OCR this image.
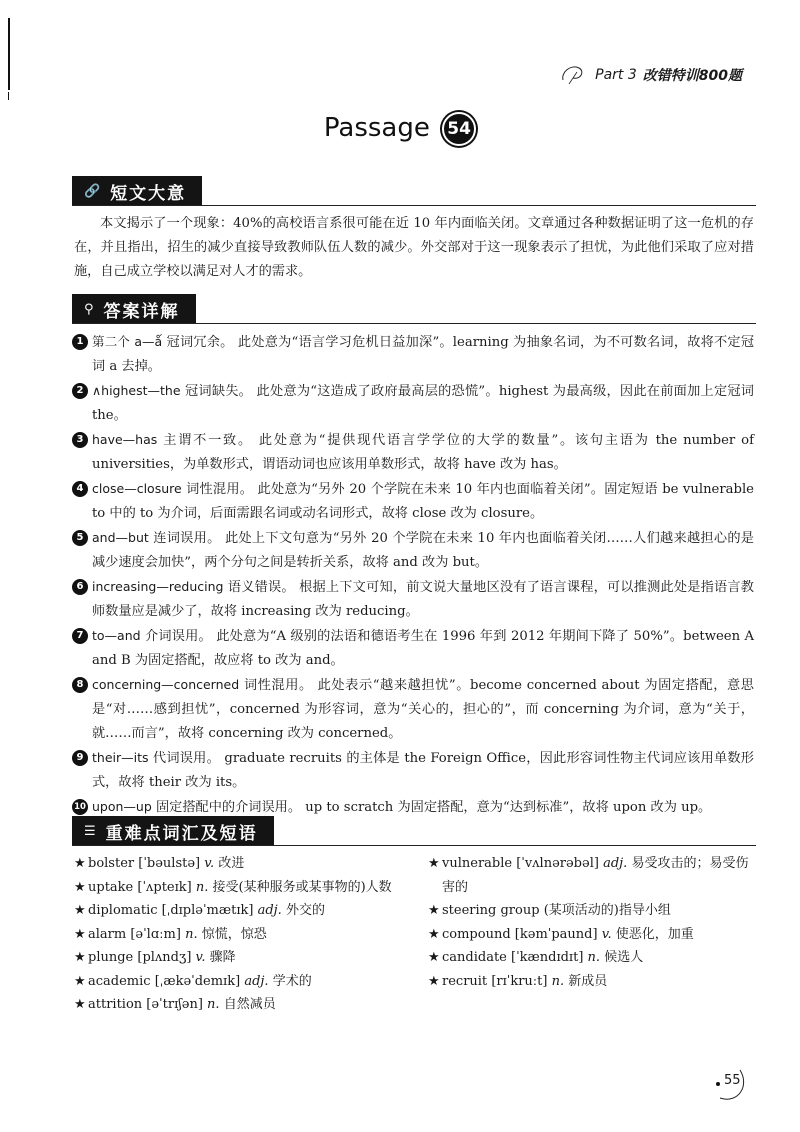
Part 3 改错特训800题
Passage 54
🔗 短文大意
本文揭示了一个现象：40%的高校语言系很可能在近 10 年内面临关闭。文章通过各种数据证明了这一危机的存在，并且指出，招生的减少直接导致教师队伍人数的减少。外交部对于这一现象表示了担忧，为此他们采取了应对措施，自己成立学校以满足对人才的需求。
⚲ 答案详解
1 第二个 a—ǻ 冠词冗余。 此处意为“语言学习危机日益加深”。learning 为抽象名词，为不可数名词，故将不定冠词 a 去掉。
2 ∧highest—the 冠词缺失。 此处意为“这造成了政府最高层的恐慌”。highest 为最高级，因此在前面加上定冠词 the。
3 have—has 主谓不一致。 此处意为“提供现代语言学学位的大学的数量”。该句主语为 the number of universities，为单数形式，谓语动词也应该用单数形式，故将 have 改为 has。
4 close—closure 词性混用。 此处意为“另外 20 个学院在未来 10 年内也面临着关闭”。固定短语 be vulnerable to 中的 to 为介词，后面需跟名词或动名词形式，故将 close 改为 closure。
5 and—but 连词误用。 此处上下文句意为“另外 20 个学院在未来 10 年内也面临着关闭……人们越来越担心的是减少速度会加快”，两个分句之间是转折关系，故将 and 改为 but。
6 increasing—reducing 语义错误。 根据上下文可知，前文说大量地区没有了语言课程，可以推测此处是指语言教师数量应是减少了，故将 increasing 改为 reducing。
7 to—and 介词误用。 此处意为“A 级别的法语和德语考生在 1996 年到 2012 年期间下降了 50%”。between A and B 为固定搭配，故应将 to 改为 and。
8 concerning—concerned 词性混用。 此处表示“越来越担忧”。become concerned about 为固定搭配，意思是“对……感到担忧”，concerned 为形容词，意为“关心的，担心的”，而 concerning 为介词，意为“关于，就……而言”，故将 concerning 改为 concerned。
9 their—its 代词误用。 graduate recruits 的主体是 the Foreign Office，因此形容词性物主代词应该用单数形式，故将 their 改为 its。
10 upon—up 固定搭配中的介词误用。 up to scratch 为固定搭配，意为“达到标准”，故将 upon 改为 up。
☰ 重难点词汇及短语
★ bolster [ˈbəulstə] v. 改进
★ uptake [ˈʌpteɪk] n. 接受(某种服务或某事物的)人数
★ diplomatic [ˌdɪpləˈmætɪk] adj. 外交的
★ alarm [əˈlɑːm] n. 惊慌，惊恐
★ plunge [plʌndʒ] v. 骤降
★ academic [ˌækəˈdemɪk] adj. 学术的
★ attrition [əˈtrɪʃən] n. 自然减员
★ vulnerable [ˈvʌlnərəbəl] adj. 易受攻击的；易受伤
害的
★ steering group (某项活动的)指导小组
★ compound [kəmˈpaund] v. 使恶化，加重
★ candidate [ˈkændɪdɪt] n. 候选人
★ recruit [rɪˈkruːt] n. 新成员
55
